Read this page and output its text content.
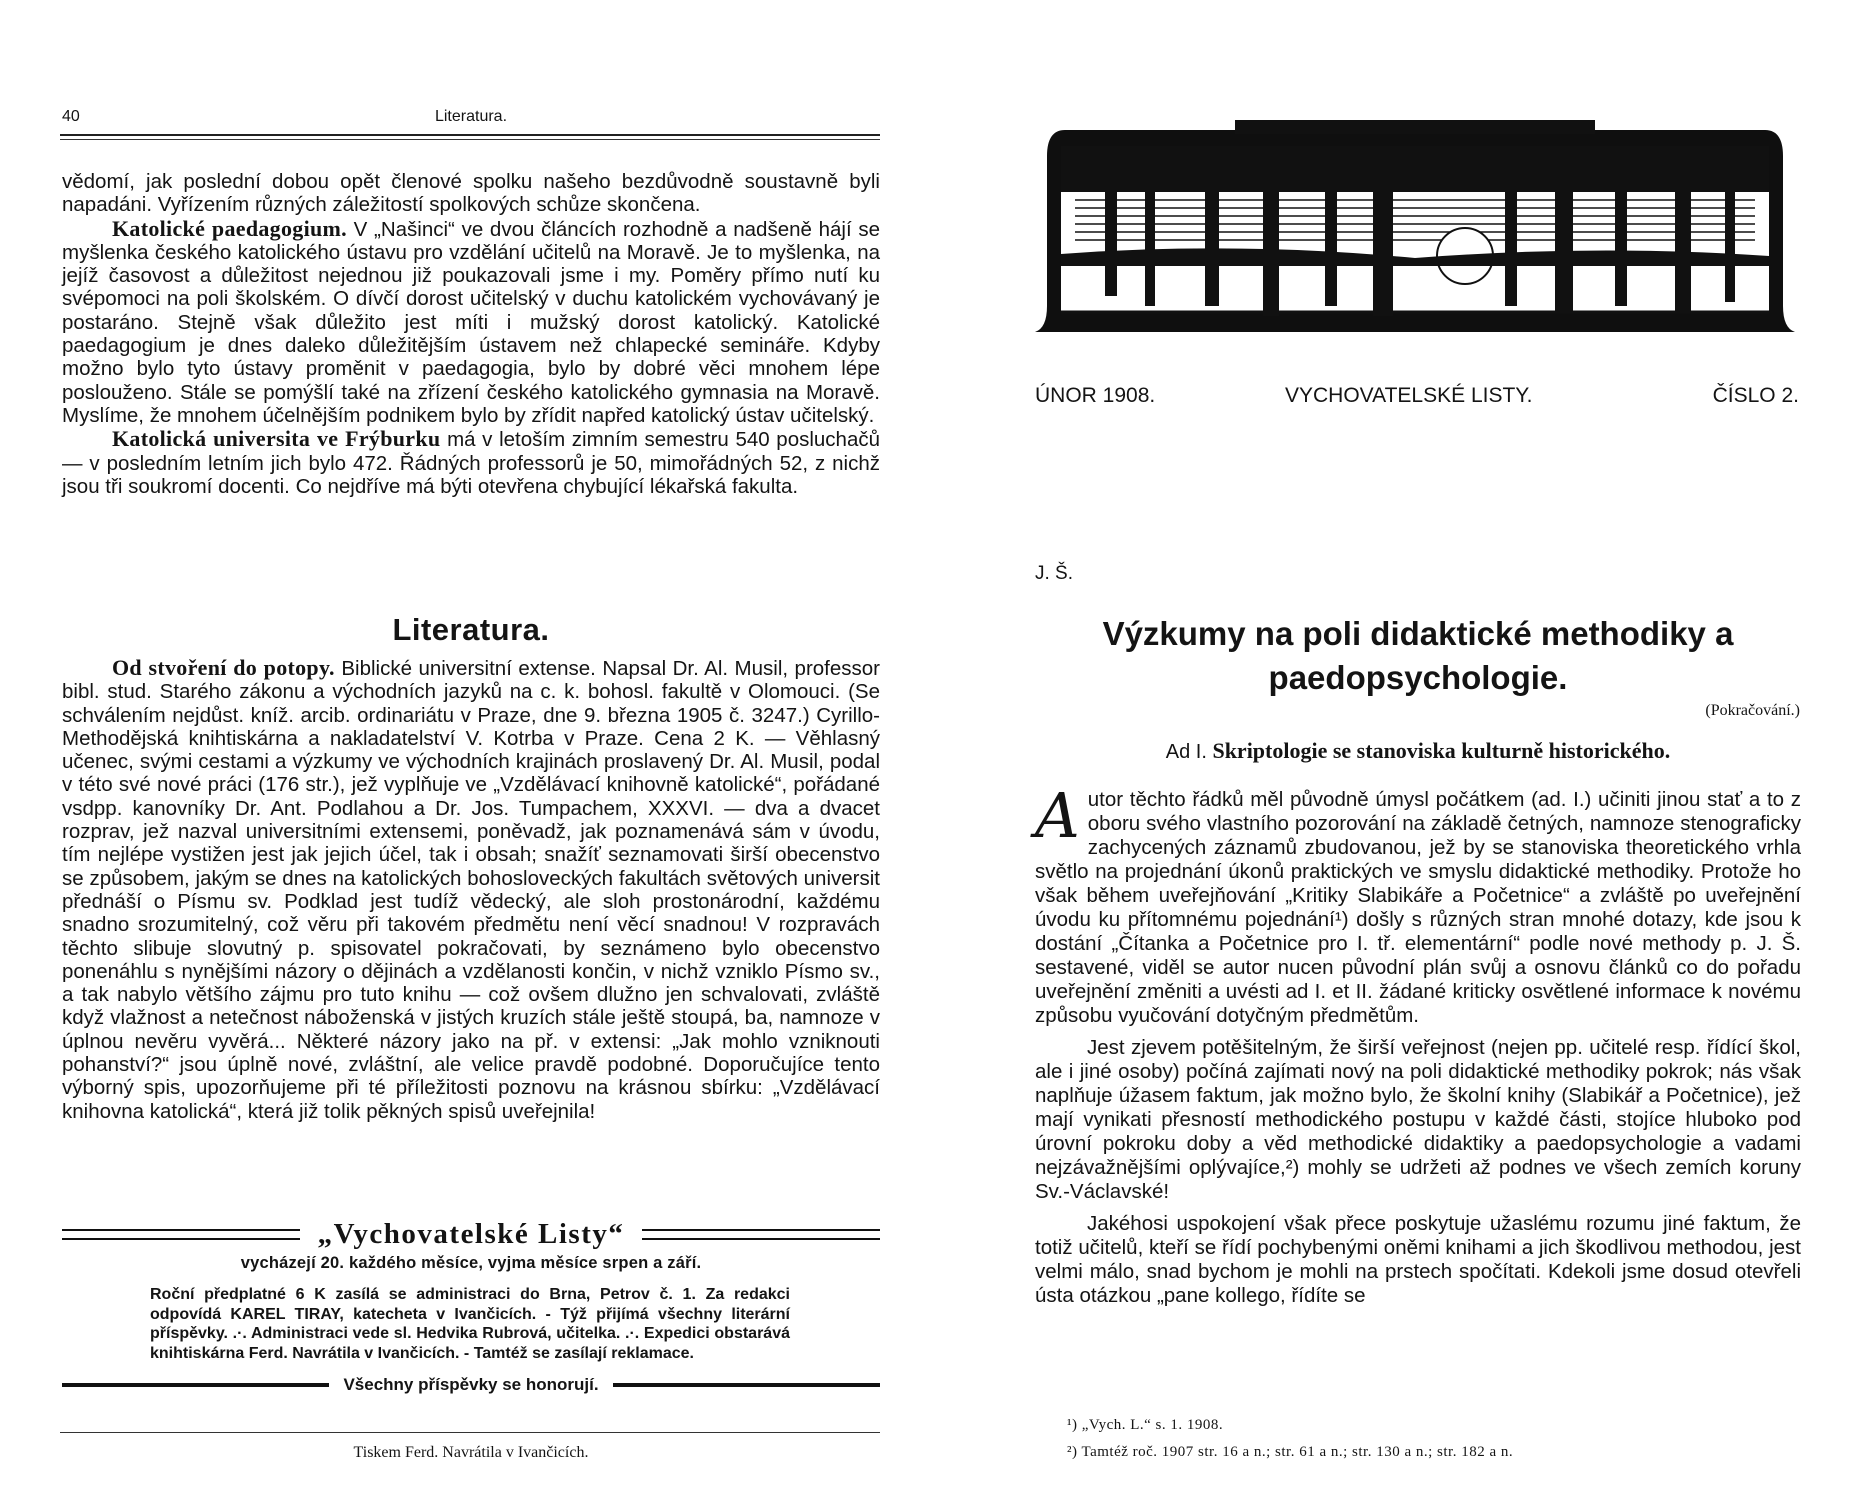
40	Literatura.

vědomí, jak poslední dobou opět členové spolku našeho bezdůvodně soustavně byli napadáni. Vyřízením různých záležitostí spolkových schůze skončena.

Katolické paedagogium. V „Našinci“ ve dvou článcích rozhodně a nadšeně hájí se myšlenka českého katolického ústavu pro vzdělání učitelů na Moravě. Je to myšlenka, na jejíž časovost a důležitost nejednou již poukazovali jsme i my. Poměry přímo nutí ku svépomoci na poli školském. O dívčí dorost učitelský v duchu katolickém vychovávaný je postaráno. Stejně však důležito jest míti i mužský dorost katolický. Katolické paedagogium je dnes daleko důležitějším ústavem než chlapecké semináře. Kdyby možno bylo tyto ústavy proměnit v paedagogia, bylo by dobré věci mnohem lépe poslouženo. Stále se pomýšlí také na zřízení českého katolického gymnasia na Moravě. Myslíme, že mnohem účelnějším podnikem bylo by zřídit napřed katolický ústav učitelský.

Katolická universita ve Frýburku má v letoším zimním semestru 540 posluchačů — v posledním letním jich bylo 472. Řádných professorů je 50, mimořádných 52, z nichž jsou tři soukromí docenti. Co nejdříve má býti otevřena chybující lékařská fakulta.

Literatura.

Od stvoření do potopy. Biblické universitní extense. Napsal Dr. Al. Musil, professor bibl. stud. Starého zákonu a východních jazyků na c. k. bohosl. fakultě v Olomouci. (Se schválením nejdůst. kníž. arcib. ordinariátu v Praze, dne 9. března 1905 č. 3247.) Cyrillo-Methodějská knihtiskárna a nakladatelství V. Kotrba v Praze. Cena 2 K. — Věhlasný učenec, svými cestami a výzkumy ve východních krajinách proslavený Dr. Al. Musil, podal v této své nové práci (176 str.), jež vyplňuje ve „Vzdělávací knihovně katolické“, pořádané vsdpp. kanovníky Dr. Ant. Podlahou a Dr. Jos. Tumpachem, XXXVI. — dva a dvacet rozprav, jež nazval universitními extensemi, poněvadž, jak poznamenává sám v úvodu, tím nejlépe vystižen jest jak jejich účel, tak i obsah; snažíť seznamovati širší obecenstvo se způsobem, jakým se dnes na katolických bohosloveckých fakultách světových universit přednáší o Písmu sv. Podklad jest tudíž vědecký, ale sloh prostonárodní, každému snadno srozumitelný, což věru při takovém předmětu není věcí snadnou! V rozpravách těchto slibuje slovutný p. spisovatel pokračovati, by seznámeno bylo obecenstvo ponenáhlu s nynějšími názory o dějinách a vzdělanosti končin, v nichž vzniklo Písmo sv., a tak nabylo většího zájmu pro tuto knihu — což ovšem dlužno jen schvalovati, zvláště když vlažnost a netečnost náboženská v jistých kruzích stále ještě stoupá, ba, namnoze v úplnou nevěru vyvěrá... Některé názory jako na př. v extensi: „Jak mohlo vzniknouti pohanství?“ jsou úplně nové, zvláštní, ale velice pravdě podobné. Doporučujíce tento výborný spis, upozorňujeme při té příležitosti poznovu na krásnou sbírku: „Vzdělávací knihovna katolická“, která již tolik pěkných spisů uveřejnila!

„Vychovatelské Listy“
vycházejí 20. každého měsíce, vyjma měsíce srpen a září.
Roční předplatné 6 K zasílá se administraci do Brna, Petrov č. 1. Za redakci odpovídá KAREL TIRAY, katecheta v Ivančicích. - Týž přijímá všechny literární příspěvky. .·. Administraci vede sl. Hedvika Rubrová, učitelka. .·. Expedici obstarává knihtiskárna Ferd. Navrátila v Ivančicích. - Tamtéž se zasílají reklamace.
Všechny příspěvky se honorují.
Tiskem Ferd. Navrátila v Ivančicích.
ÚNOR 1908.	VYCHOVATELSKÉ LISTY.	ČÍSLO 2.
J. Š.
Výzkumy na poli didaktické methodiky a paedopsychologie.
(Pokračování.)
Ad I. Skriptologie se stanoviska kulturně historického.

Autor těchto řádků měl původně úmysl počátkem (ad. I.) učiniti jinou stať a to z oboru svého vlastního pozorování na základě četných, namnoze stenograficky zachycených záznamů zbudovanou, jež by se stanoviska theoretického vrhla světlo na projednání úkonů praktických ve smyslu didaktické methodiky. Protože ho však během uveřejňování „Kritiky Slabikáře a Početnice“ a zvláště po uveřejnění úvodu ku přítomnému pojednání¹) došly s různých stran mnohé dotazy, kde jsou k dostání „Čítanka a Početnice pro I. tř. elementární“ podle nové methody p. J. Š. sestavené, viděl se autor nucen původní plán svůj a osnovu článků co do pořadu uveřejnění změniti a uvésti ad I. et II. žádané kriticky osvětlené informace k novému způsobu vyučování dotyčným předmětům.

Jest zjevem potěšitelným, že širší veřejnost (nejen pp. učitelé resp. řídící škol, ale i jiné osoby) počíná zajímati nový na poli didaktické methodiky pokrok; nás však naplňuje úžasem faktum, jak možno bylo, že školní knihy (Slabikář a Početnice), jež mají vynikati přesností methodického postupu v každé části, stojíce hluboko pod úrovní pokroku doby a věd methodické didaktiky a paedopsychologie a vadami nejzávažnějšími oplývajíce,²) mohly se udržeti až podnes ve všech zemích koruny Sv.-Václavské!

Jakéhosi uspokojení však přece poskytuje užaslému rozumu jiné faktum, že totiž učitelů, kteří se řídí pochybenými oněmi knihami a jich škodlivou methodou, jest velmi málo, snad bychom je mohli na prstech spočítati. Kdekoli jsme dosud otevřeli ústa otázkou „pane kollego, řídíte se

¹) „Vych. L.“ s. 1. 1908.
²) Tamtéž roč. 1907 str. 16 a n.; str. 61 a n.; str. 130 a n.; str. 182 a n.
